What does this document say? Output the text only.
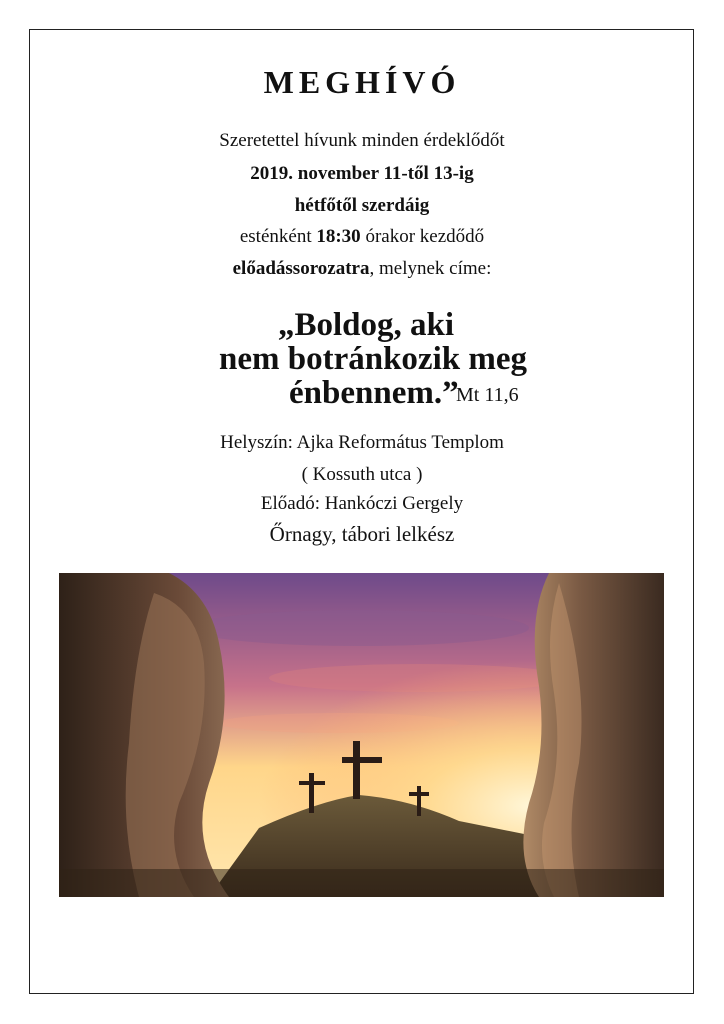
MEGHÍVÓ
Szeretettel hívunk minden érdeklődőt
2019. november 11-től 13-ig
hétfőtől szerdáig
esténként 18:30 órakor kezdődő
előadássorozatra, melynek címe:
„Boldog, aki
nem botránkozik meg
énbennem.”
Mt 11,6
Helyszín: Ajka Református Templom
( Kossuth utca )
Előadó: Hankóczi Gergely
Őrnagy, tábori lelkész
